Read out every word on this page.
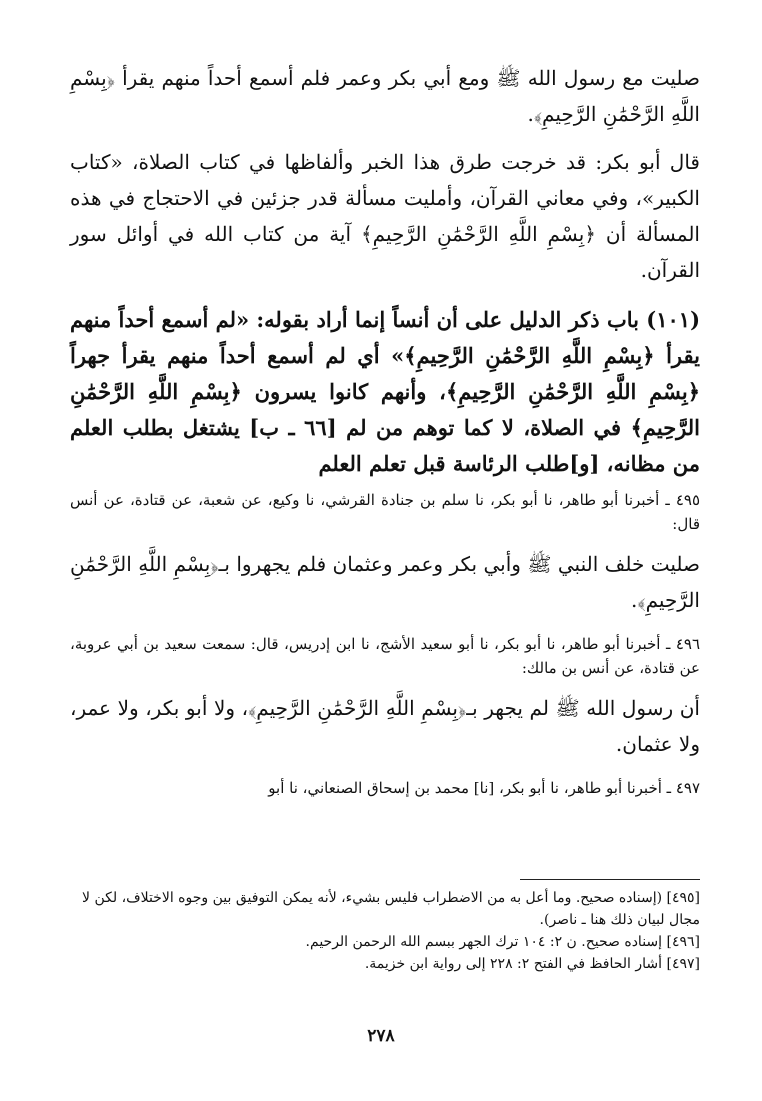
صليت مع رسول الله ﷺ ومع أبي بكر وعمر فلم أسمع أحداً منهم يقرأ ﴿بِسْمِ اللَّهِ الرَّحْمَٰنِ الرَّحِيمِ﴾.

قال أبو بكر: قد خرجت طرق هذا الخبر وألفاظها في كتاب الصلاة، «كتاب الكبير»، وفي معاني القرآن، وأمليت مسألة قدر جزئين في الاحتجاج في هذه المسألة أن ﴿بِسْمِ اللَّهِ الرَّحْمَٰنِ الرَّحِيمِ﴾ آية من كتاب الله في أوائل سور القرآن.

(١٠١) باب ذكر الدليل على أن أنساً إنما أراد بقوله: «لم أسمع أحداً منهم يقرأ ﴿بِسْمِ اللَّهِ الرَّحْمَٰنِ الرَّحِيمِ﴾» أي لم أسمع أحداً منهم يقرأ جهراً ﴿بِسْمِ اللَّهِ الرَّحْمَٰنِ الرَّحِيمِ﴾، وأنهم كانوا يسرون ﴿بِسْمِ اللَّهِ الرَّحْمَٰنِ الرَّحِيمِ﴾ في الصلاة، لا كما توهم من لم [٦٦ ـ ب] يشتغل بطلب العلم من مظانه، [و]طلب الرئاسة قبل تعلم العلم

٤٩٥ ـ أخبرنا أبو طاهر، نا أبو بكر، نا سلم بن جنادة القرشي، نا وكيع، عن شعبة، عن قتادة، عن أنس قال:

صليت خلف النبي ﷺ وأبي بكر وعمر وعثمان فلم يجهروا بـ﴿بِسْمِ اللَّهِ الرَّحْمَٰنِ الرَّحِيمِ﴾.

٤٩٦ ـ أخبرنا أبو طاهر، نا أبو بكر، نا أبو سعيد الأشج، نا ابن إدريس، قال: سمعت سعيد بن أبي عروبة، عن قتادة، عن أنس بن مالك:

أن رسول الله ﷺ لم يجهر بـ﴿بِسْمِ اللَّهِ الرَّحْمَٰنِ الرَّحِيمِ﴾، ولا أبو بكر، ولا عمر، ولا عثمان.

٤٩٧ ـ أخبرنا أبو طاهر، نا أبو بكر، [نا] محمد بن إسحاق الصنعاني، نا أبو

[٤٩٥] (إسناده صحيح. وما أعل به من الاضطراب فليس بشيء، لأنه يمكن التوفيق بين وجوه الاختلاف، لكن لا مجال لبيان ذلك هنا ـ ناصر).

[٤٩٦] إسناده صحيح. ن ٢: ١٠٤ ترك الجهر ببسم الله الرحمن الرحيم.

[٤٩٧] أشار الحافظ في الفتح ٢: ٢٢٨ إلى رواية ابن خزيمة.

٢٧٨
